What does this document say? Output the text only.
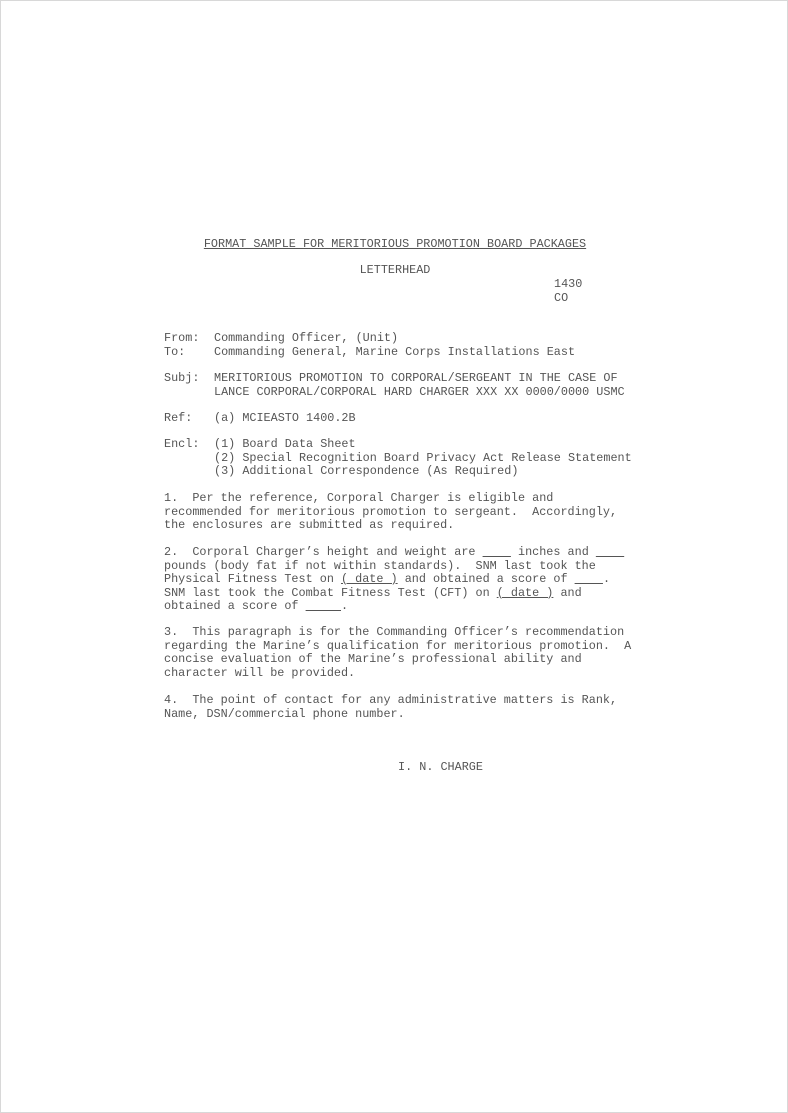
FORMAT SAMPLE FOR MERITORIOUS PROMOTION BOARD PACKAGES
LETTERHEAD
1430
CO
From: Commanding Officer, (Unit)
To: Commanding General, Marine Corps Installations East
Subj: MERITORIOUS PROMOTION TO CORPORAL/SERGEANT IN THE CASE OF
LANCE CORPORAL/CORPORAL HARD CHARGER XXX XX 0000/0000 USMC
Ref: (a) MCIEASTO 1400.2B
Encl: (1) Board Data Sheet
(2) Special Recognition Board Privacy Act Release Statement
(3) Additional Correspondence (As Required)
1.  Per the reference, Corporal Charger is eligible and
recommended for meritorious promotion to sergeant.  Accordingly,
the enclosures are submitted as required.
2.  Corporal Charger’s height and weight are      inches and
pounds (body fat if not within standards).  SNM last took the
Physical Fitness Test on ( date ) and obtained a score of     .
SNM last took the Combat Fitness Test (CFT) on ( date ) and
obtained a score of	.
3.  This paragraph is for the Commanding Officer’s recommendation
regarding the Marine’s qualification for meritorious promotion.  A
concise evaluation of the Marine’s professional ability and
character will be provided.
4.  The point of contact for any administrative matters is Rank,
Name, DSN/commercial phone number.
I. N. CHARGE
